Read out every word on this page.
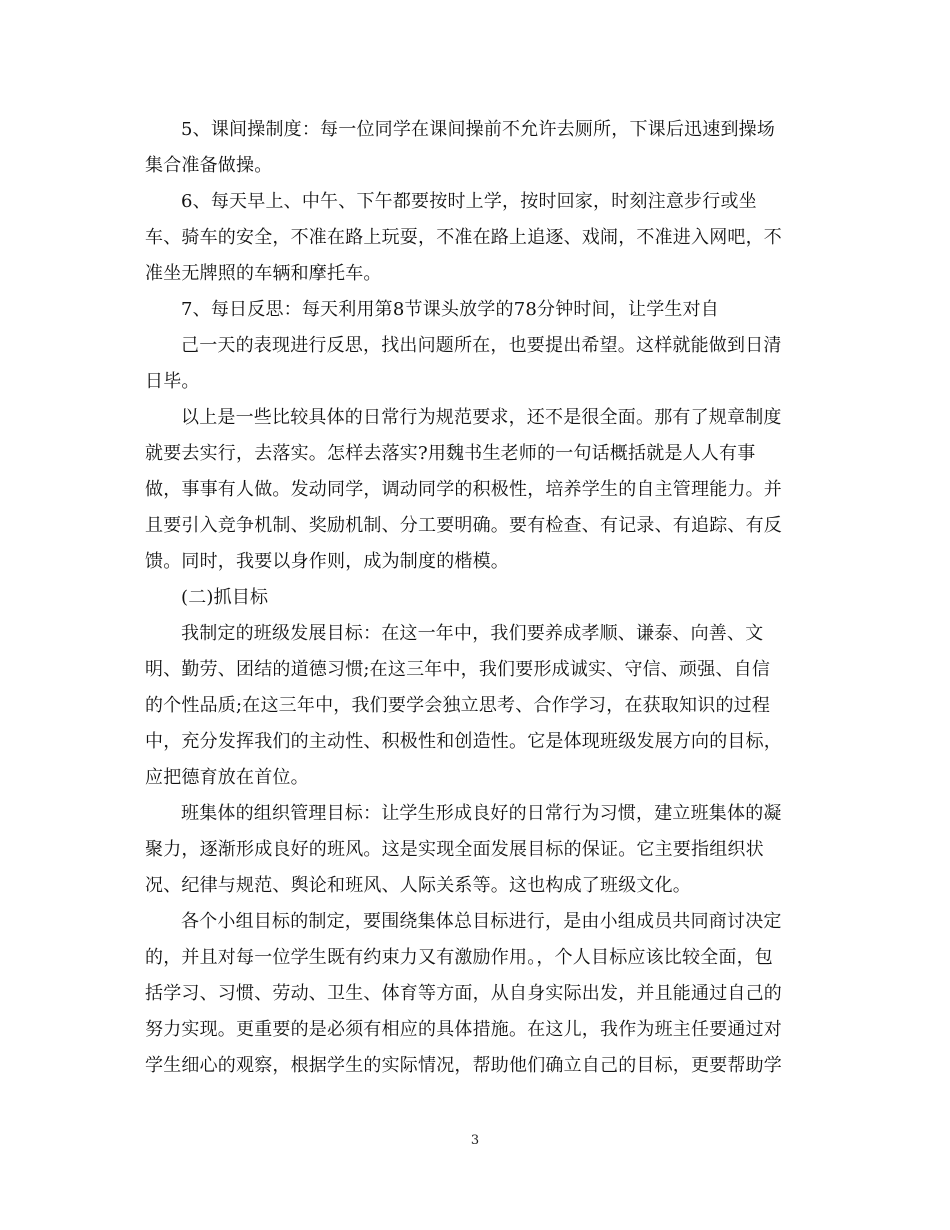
5、课间操制度：每一位同学在课间操前不允许去厕所，下课后迅速到操场
集合准备做操。
6、每天早上、中午、下午都要按时上学，按时回家，时刻注意步行或坐
车、骑车的安全，不准在路上玩耍，不准在路上追逐、戏闹，不准进入网吧，不
准坐无牌照的车辆和摩托车。
7、每日反思：每天利用第8节课头放学的78分钟时间，让学生对自
己一天的表现进行反思，找出问题所在，也要提出希望。这样就能做到日清
日毕。
以上是一些比较具体的日常行为规范要求，还不是很全面。那有了规章制度
就要去实行，去落实。怎样去落实?用魏书生老师的一句话概括就是人人有事
做，事事有人做。发动同学，调动同学的积极性，培养学生的自主管理能力。并
且要引入竞争机制、奖励机制、分工要明确。要有检查、有记录、有追踪、有反
馈。同时，我要以身作则，成为制度的楷模。
(二)抓目标
我制定的班级发展目标：在这一年中，我们要养成孝顺、谦泰、向善、文
明、勤劳、团结的道德习惯;在这三年中，我们要形成诚实、守信、顽强、自信
的个性品质;在这三年中，我们要学会独立思考、合作学习，在获取知识的过程
中，充分发挥我们的主动性、积极性和创造性。它是体现班级发展方向的目标，
应把德育放在首位。
班集体的组织管理目标：让学生形成良好的日常行为习惯，建立班集体的凝
聚力，逐渐形成良好的班风。这是实现全面发展目标的保证。它主要指组织状
况、纪律与规范、舆论和班风、人际关系等。这也构成了班级文化。
各个小组目标的制定，要围绕集体总目标进行，是由小组成员共同商讨决定
的，并且对每一位学生既有约束力又有激励作用。，个人目标应该比较全面，包
括学习、习惯、劳动、卫生、体育等方面，从自身实际出发，并且能通过自己的
努力实现。更重要的是必须有相应的具体措施。在这儿，我作为班主任要通过对
学生细心的观察，根据学生的实际情况，帮助他们确立自己的目标，更要帮助学
3
